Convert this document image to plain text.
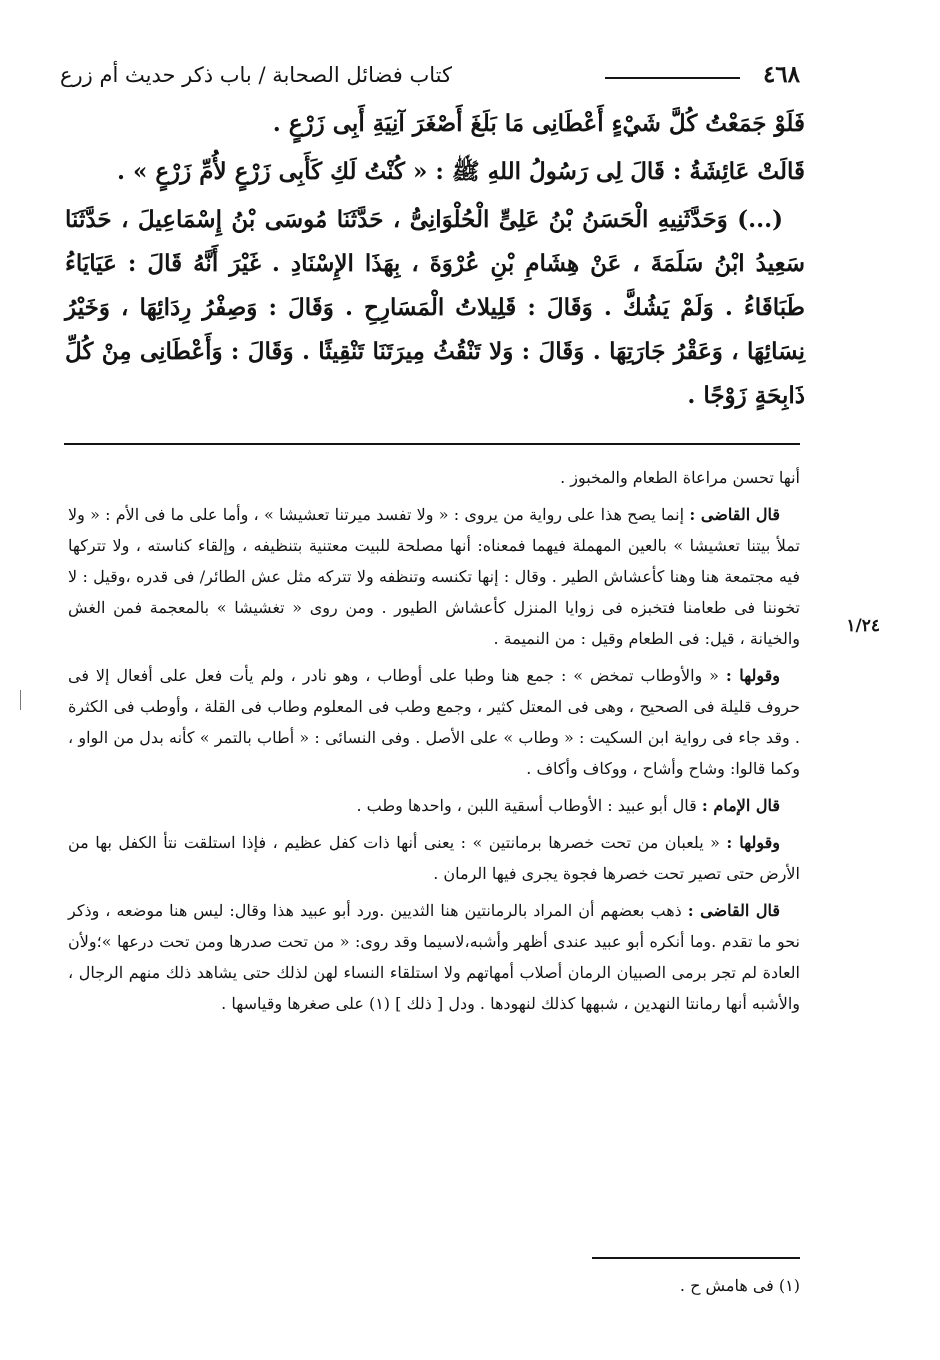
٤٦٨
كتاب فضائل الصحابة / باب ذكر حديث أم زرع

فَلَوْ جَمَعْتُ كُلَّ شَيْءٍ أَعْطَانِى مَا بَلَغَ أَصْغَرَ آنِيَةِ أَبِى زَرْعٍ .

قَالَتْ عَائِشَةُ : قَالَ لِى رَسُولُ اللهِ ﷺ : « كُنْتُ لَكِ كَأَبِى زَرْعٍ لأُمِّ زَرْعٍ » .

(...) وَحَدَّثَنِيهِ الْحَسَنُ بْنُ عَلِىٍّ الْحُلْوَانِىُّ ، حَدَّثَنَا مُوسَى بْنُ إِسْمَاعِيلَ ، حَدَّثَنَا سَعِيدُ ابْنُ سَلَمَةَ ، عَنْ هِشَامِ بْنِ عُرْوَةَ ، بِهَذَا الإِسْنَادِ . غَيْرَ أَنَّهُ قَالَ : عَيَايَاءُ طَبَاقَاءُ . وَلَمْ يَشُكَّ . وَقَالَ : قَلِيلاتُ الْمَسَارِحِ . وَقَالَ : وَصِفْرُ رِدَائِهَا ، وَخَيْرُ نِسَائِهَا ، وَعَقْرُ جَارَتِهَا . وَقَالَ : وَلا تَنْقُثُ مِيرَتَنَا تَنْقِيثًا . وَقَالَ : وَأَعْطَانِى مِنْ كُلِّ ذَابِحَةٍ زَوْجًا .

أنها تحسن مراعاة الطعام والمخبوز .

قال القاضى : إنما يصح هذا على رواية من يروى : « ولا تفسد ميرتنا تعشيشا » ، وأما على ما فى الأم : « ولا تملأ بيتنا تعشيشا » بالعين المهملة فيهما فمعناه: أنها مصلحة للبيت معتنية بتنظيفه ، وإلقاء كناسته ، ولا تتركها فيه مجتمعة هنا وهنا كأعشاش الطير . وقال : إنها تكنسه وتنظفه ولا تتركه مثل عش الطائر/ فى قدره ،وقيل : لا تخوننا فى طعامنا فتخبزه فى زوايا المنزل كأعشاش الطيور . ومن روى « تغشيشا » بالمعجمة فمن الغش والخيانة ، قيل: فى الطعام وقيل : من النميمة .

وقولها : « والأوطاب تمخض » : جمع هنا وطبا على أوطاب ، وهو نادر ، ولم يأت فعل على أفعال إلا فى حروف قليلة فى الصحيح ، وهى فى المعتل كثير ، وجمع وطب فى المعلوم وطاب فى القلة ، وأوطب فى الكثرة . وقد جاء فى رواية ابن السكيت : « وطاب » على الأصل . وفى النسائى : « أطاب بالتمر » كأنه بدل من الواو ، وكما قالوا: وشاح وأشاح ، ووكاف وأكاف .

قال الإمام : قال أبو عبيد : الأوطاب أسقية اللبن ، واحدها وطب .

وقولها : « يلعبان من تحت خصرها برمانتين » : يعنى أنها ذات كفل عظيم ، فإذا استلقت نتأ الكفل بها من الأرض حتى تصير تحت خصرها فجوة يجرى فيها الرمان .

قال القاضى : ذهب بعضهم أن المراد بالرمانتين هنا الثديين .ورد أبو عبيد هذا وقال: ليس هنا موضعه ، وذكر نحو ما تقدم .وما أنكره أبو عبيد عندى أظهر وأشبه،لاسيما وقد روى: « من تحت صدرها ومن تحت درعها »؛ولأن العادة لم تجر برمى الصبيان الرمان أصلاب أمهاتهم ولا استلقاء النساء لهن لذلك حتى يشاهد ذلك منهم الرجال ، والأشبه أنها رمانتا النهدين ، شبهها كذلك لنهودها . ودل [ ذلك ] (١) على صغرها وقياسها .

١/٢٤
(١) فى هامش ح .
